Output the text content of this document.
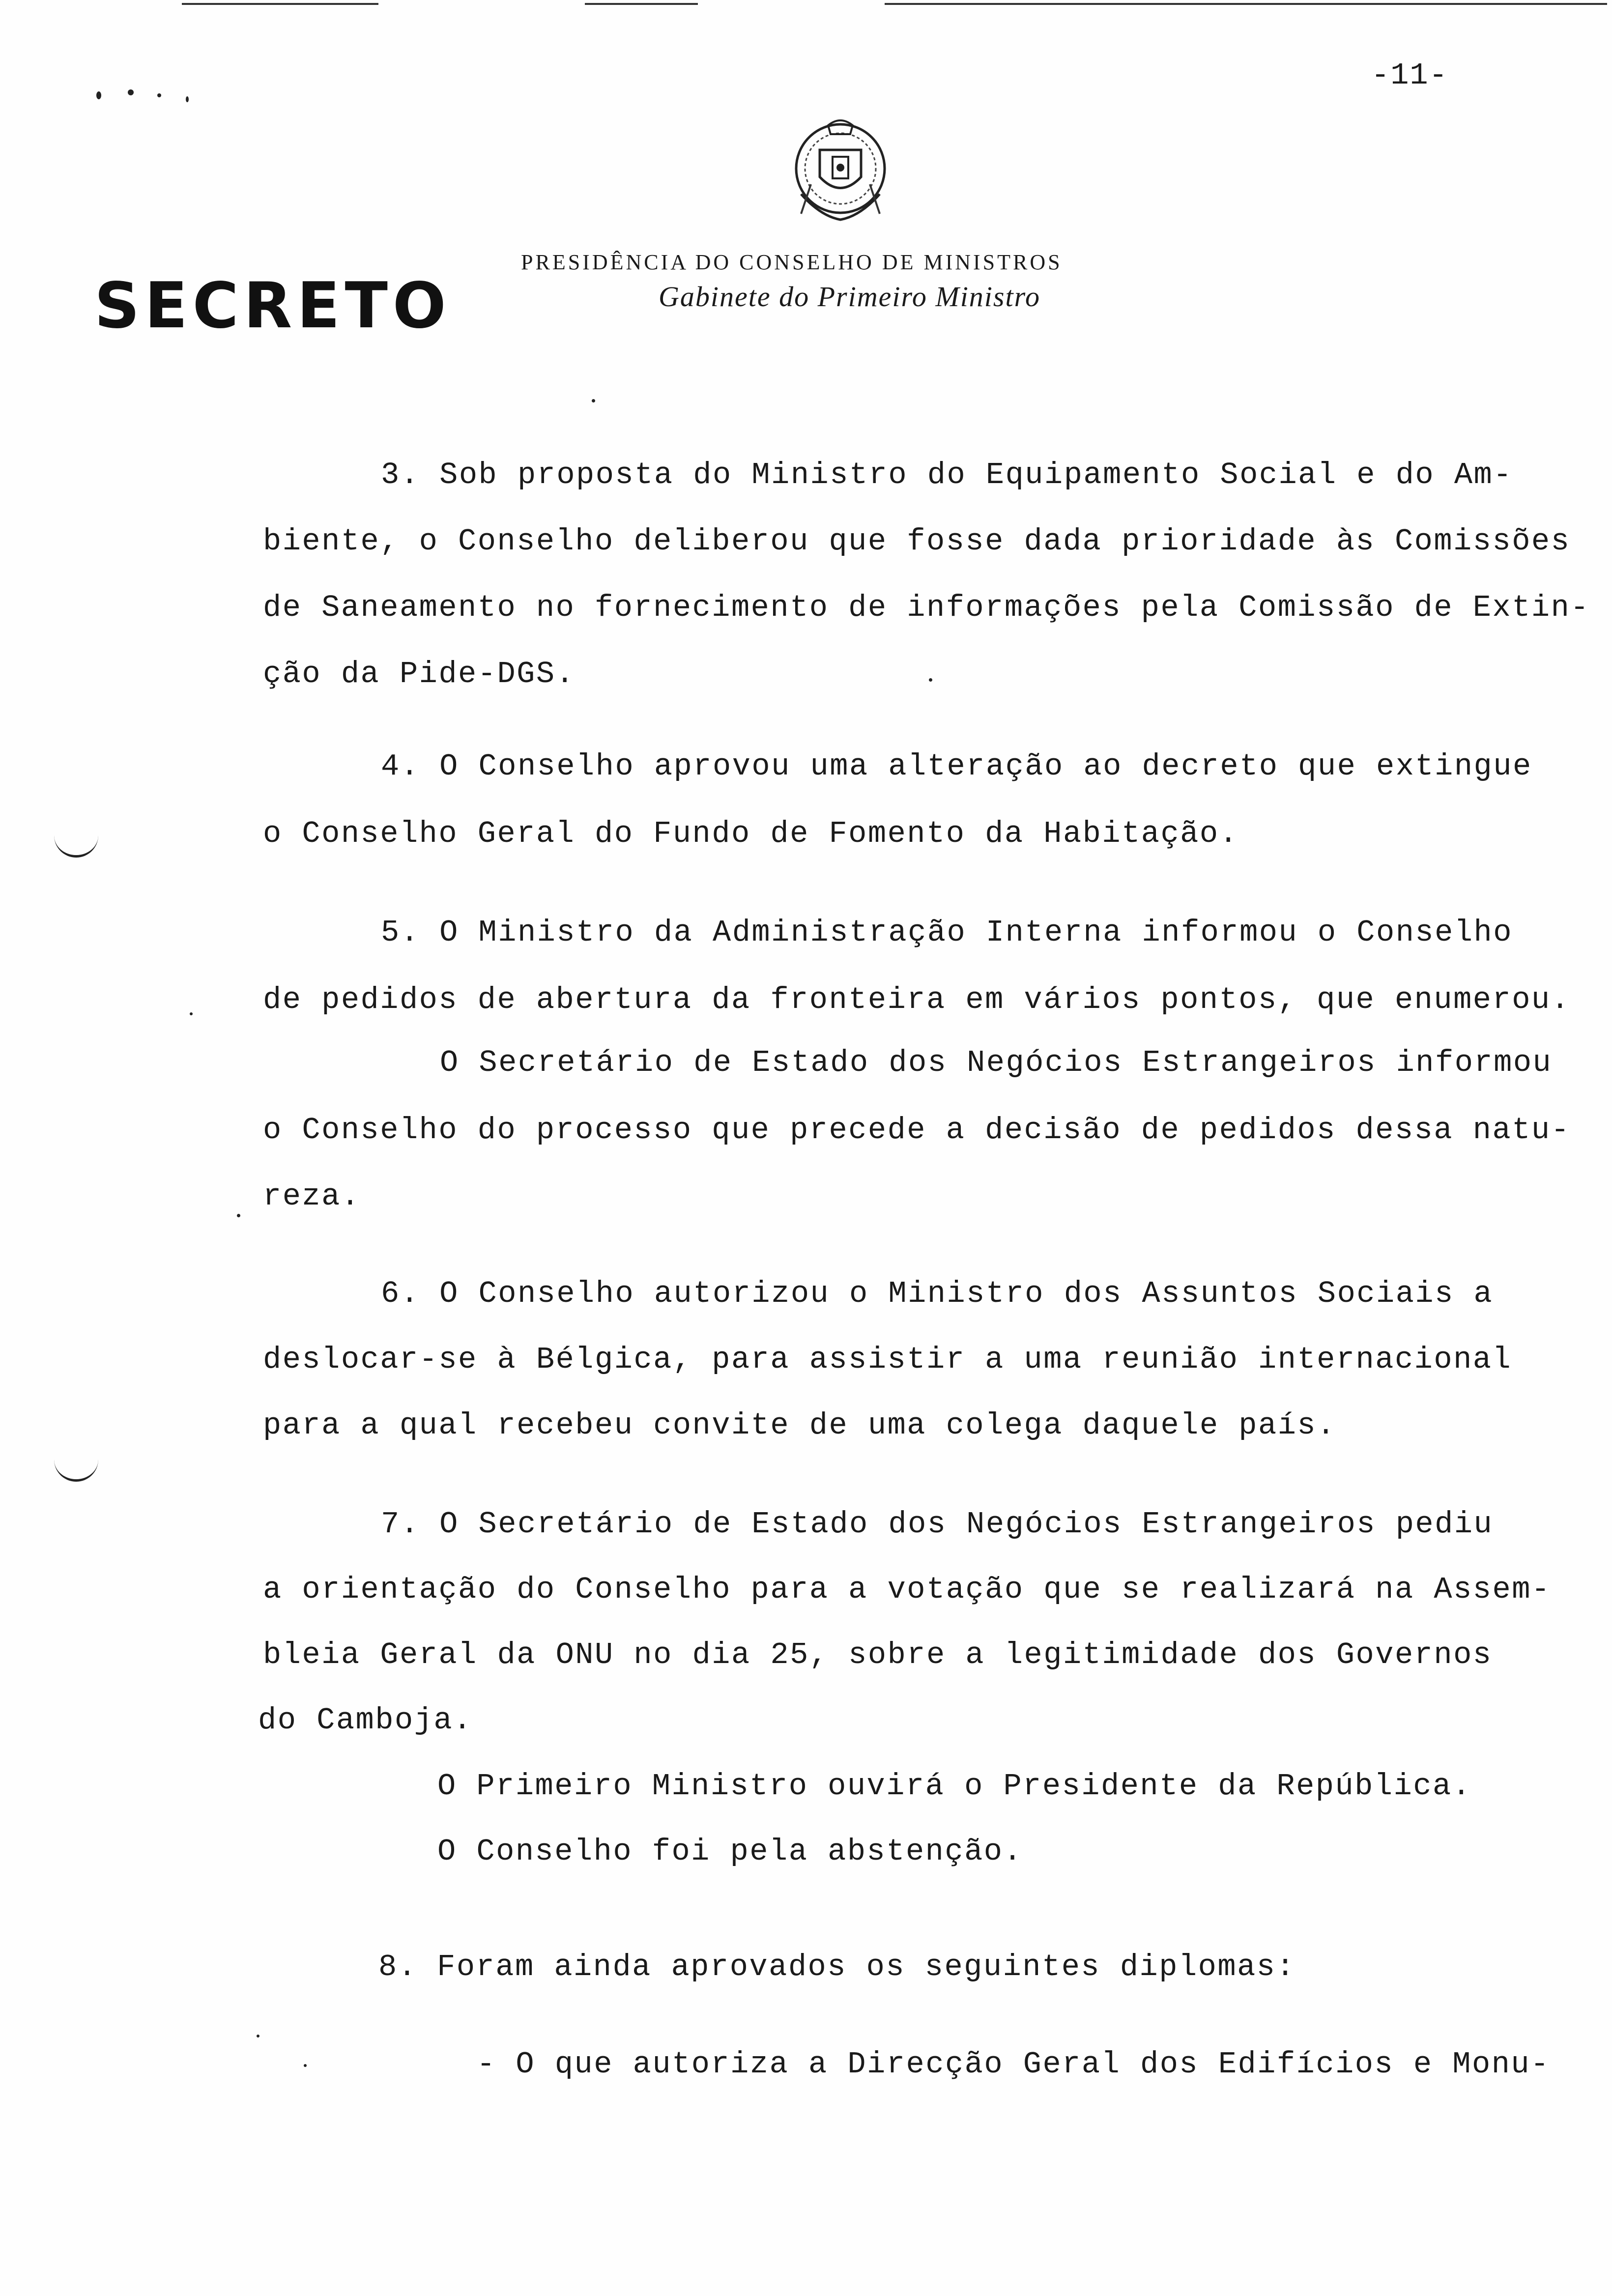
-11-
SECRETO
PRESIDÊNCIA DO CONSELHO DE MINISTROS
Gabinete do Primeiro Ministro
3. Sob proposta do Ministro do Equipamento Social e do Am-
biente, o Conselho deliberou que fosse dada prioridade às Comissões
de Saneamento no fornecimento de informações pela Comissão de Extin-
ção da Pide-DGS.
4. O Conselho aprovou uma alteração ao decreto que extingue
o Conselho Geral do Fundo de Fomento da Habitação.
5. O Ministro da Administração Interna informou o Conselho
de pedidos de abertura da fronteira em vários pontos, que enumerou.
O Secretário de Estado dos Negócios Estrangeiros informou
o Conselho do processo que precede a decisão de pedidos dessa natu-
reza.
6. O Conselho autorizou o Ministro dos Assuntos Sociais a
deslocar-se à Bélgica, para assistir a uma reunião internacional
para a qual recebeu convite de uma colega daquele país.
7. O Secretário de Estado dos Negócios Estrangeiros pediu
a orientação do Conselho para a votação que se realizará na Assem-
bleia Geral da ONU no dia 25, sobre a legitimidade dos Governos
do Camboja.
O Primeiro Ministro ouvirá o Presidente da República.
O Conselho foi pela abstenção.
8. Foram ainda aprovados os seguintes diplomas:
- O que autoriza a Direcção Geral dos Edifícios e Monu-
